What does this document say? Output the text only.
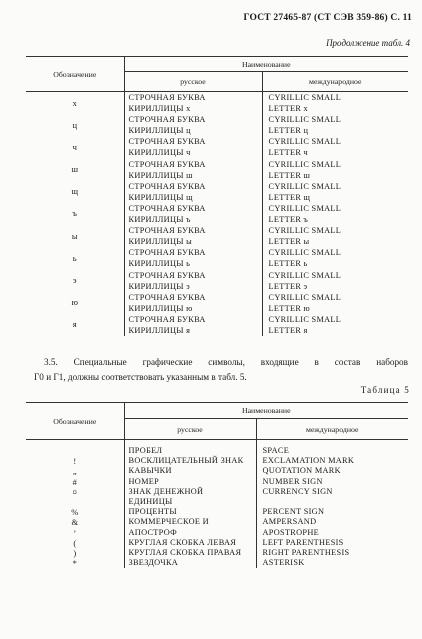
ГОСТ 27465-87 (СТ СЭВ 359-86) С. 11
Продолжение табл. 4
Обозначение	Наименование	
	русское	международное
х	СТРОЧНАЯ БУКВА	CYRILLIC SMALL
	КИРИЛЛИЦЫ х	LETTER x
ц	СТРОЧНАЯ БУКВА	CYRILLIC SMALL
	КИРИЛЛИЦЫ ц	LETTER ц
ч	СТРОЧНАЯ БУКВА	CYRILLIC SMALL
	КИРИЛЛИЦЫ ч	LETTER ч
ш	СТРОЧНАЯ БУКВА	CYRILLIC SMALL
	КИРИЛЛИЦЫ ш	LETTER ш
щ	СТРОЧНАЯ БУКВА	CYRILLIC SMALL
	КИРИЛЛИЦЫ щ	LETTER щ
ъ	СТРОЧНАЯ БУКВА	CYRILLIC SMALL
	КИРИЛЛИЦЫ ъ	LETTER ъ
ы	СТРОЧНАЯ БУКВА	CYRILLIC SMALL
	КИРИЛЛИЦЫ ы	LETTER ы
ь	СТРОЧНАЯ БУКВА	CYRILLIC SMALL
	КИРИЛЛИЦЫ ь	LETTER ь
э	СТРОЧНАЯ БУКВА	CYRILLIC SMALL
	КИРИЛЛИЦЫ э	LETTER э
ю	СТРОЧНАЯ БУКВА	CYRILLIC SMALL
	КИРИЛЛИЦЫ ю	LETTER ю
я	СТРОЧНАЯ БУКВА	CYRILLIC SMALL
	КИРИЛЛИЦЫ я	LETTER я
3.5. Специальные графические символы, входящие в состав наборов
Г0 и Г1, должны соответствовать указанным в табл. 5.
Таблица 5
Обозначение	Наименование	
	русское	международное
	ПРОБЕЛ	SPACE
!	ВОСКЛИЦАТЕЛЬНЫЙ ЗНАК	EXCLAMATION MARK
„	КАВЫЧКИ	QUOTATION MARK
#	НОМЕР	NUMBER SIGN
¤	ЗНАК ДЕНЕЖНОЙ	CURRENCY SIGN
	ЕДИНИЦЫ	
%	ПРОЦЕНТЫ	PERCENT SIGN
&	КОММЕРЧЕСКОЕ И	AMPERSAND
’	АПОСТРОФ	APOSTROPHE
(	КРУГЛАЯ СКОБКА ЛЕВАЯ	LEFT PARENTHESIS
)	КРУГЛАЯ СКОБКА ПРАВАЯ	RIGHT PARENTHESIS
*	ЗВЕЗДОЧКА	ASTERISK
